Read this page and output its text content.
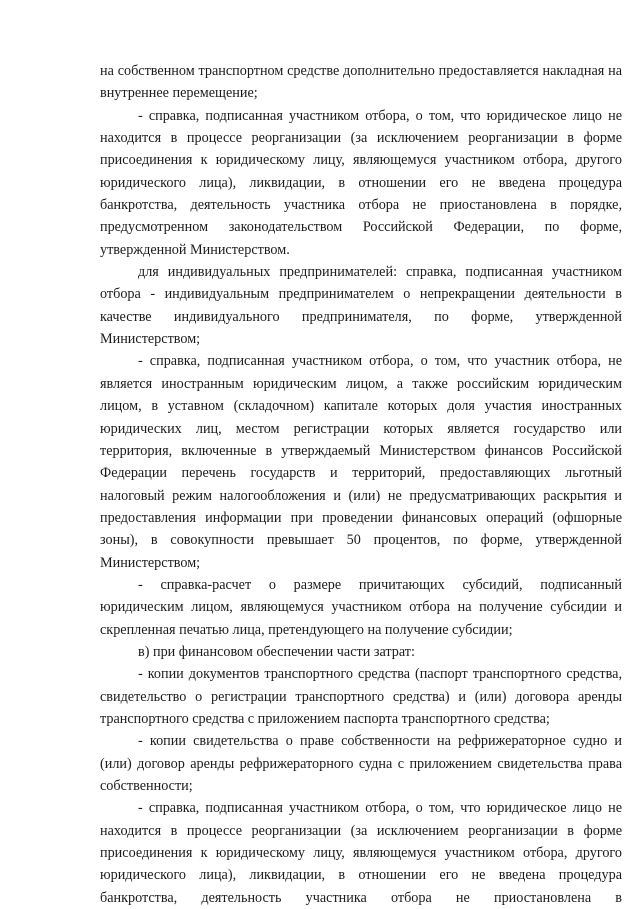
на собственном транспортном средстве дополнительно предоставляется накладная на внутреннее перемещение;

- справка, подписанная участником отбора, о том, что юридическое лицо не находится в процессе реорганизации (за исключением реорганизации в форме присоединения к юридическому лицу, являющемуся участником отбора, другого юридического лица), ликвидации, в отношении его не введена процедура банкротства, деятельность участника отбора не приостановлена в порядке, предусмотренном законодательством Российской Федерации, по форме, утвержденной Министерством.

для индивидуальных предпринимателей: справка, подписанная участником отбора - индивидуальным предпринимателем о непрекращении деятельности в качестве индивидуального предпринимателя, по форме, утвержденной Министерством;

- справка, подписанная участником отбора, о том, что участник отбора, не является иностранным юридическим лицом, а также российским юридическим лицом, в уставном (складочном) капитале которых доля участия иностранных юридических лиц, местом регистрации которых является государство или территория, включенные в утверждаемый Министерством финансов Российской Федерации перечень государств и территорий, предоставляющих льготный налоговый режим налогообложения и (или) не предусматривающих раскрытия и предоставления информации при проведении финансовых операций (офшорные зоны), в совокупности превышает 50 процентов, по форме, утвержденной Министерством;

- справка-расчет о размере причитающих субсидий, подписанный юридическим лицом, являющемуся участником отбора на получение субсидии и скрепленная печатью лица, претендующего на получение субсидии;

в) при финансовом обеспечении части затрат:

- копии документов транспортного средства (паспорт транспортного средства, свидетельство о регистрации транспортного средства) и (или) договора аренды транспортного средства с приложением паспорта транспортного средства;

- копии свидетельства о праве собственности на рефрижераторное судно и (или) договор аренды рефрижераторного судна с приложением свидетельства права собственности;

- справка, подписанная участником отбора, о том, что юридическое лицо не находится в процессе реорганизации (за исключением реорганизации в форме присоединения к юридическому лицу, являющемуся участником отбора, другого юридического лица), ликвидации, в отношении его не введена процедура банкротства, деятельность участника отбора не приостановлена в
